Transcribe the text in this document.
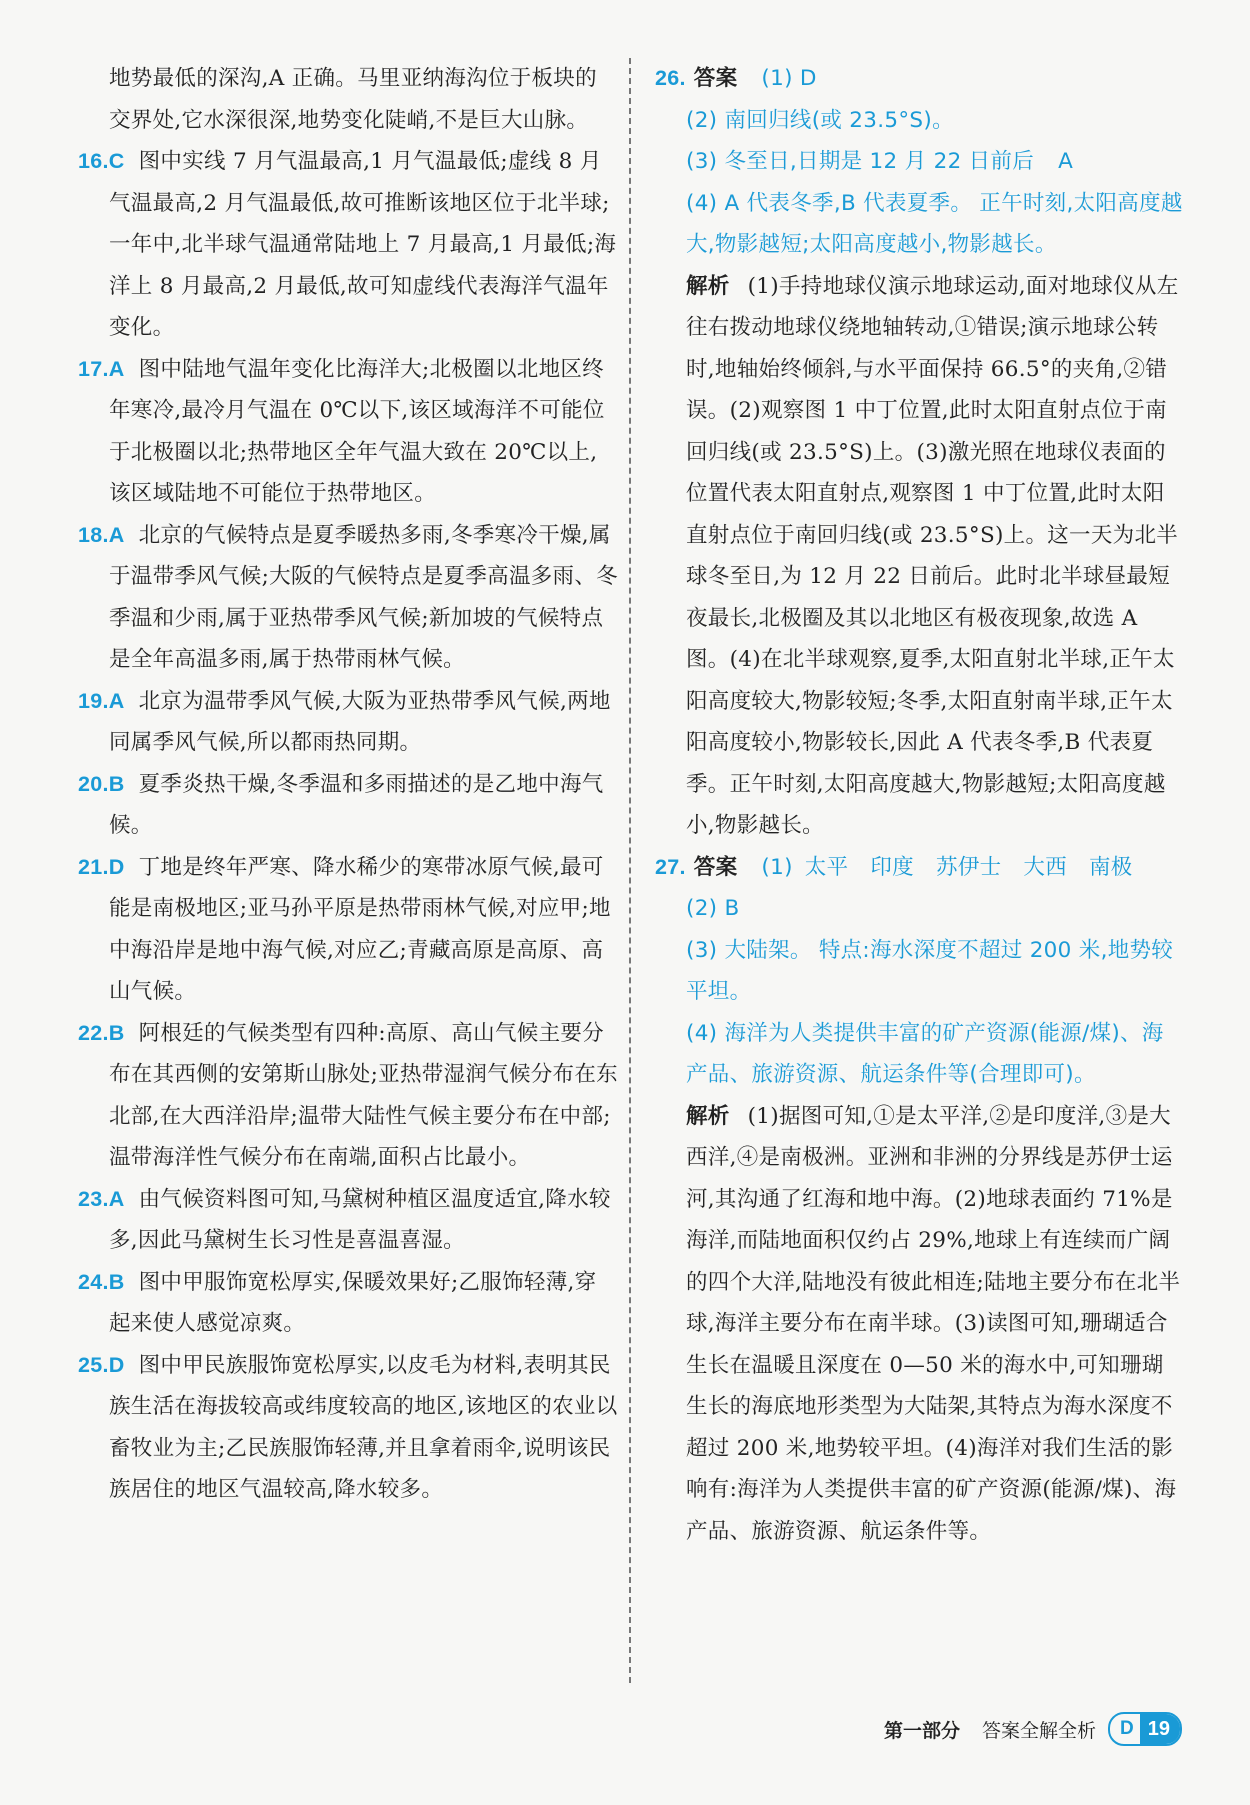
地势最低的深沟,A 正确。马里亚纳海沟位于板块的交界处,它水深很深,地势变化陡峭,不是巨大山脉。
16.C 图中实线 7 月气温最高,1 月气温最低;虚线 8 月气温最高,2 月气温最低,故可推断该地区位于北半球;一年中,北半球气温通常陆地上 7 月最高,1 月最低;海洋上 8 月最高,2 月最低,故可知虚线代表海洋气温年变化。
17.A 图中陆地气温年变化比海洋大;北极圈以北地区终年寒冷,最冷月气温在 0℃以下,该区域海洋不可能位于北极圈以北;热带地区全年气温大致在 20℃以上,该区域陆地不可能位于热带地区。
18.A 北京的气候特点是夏季暖热多雨,冬季寒冷干燥,属于温带季风气候;大阪的气候特点是夏季高温多雨、冬季温和少雨,属于亚热带季风气候;新加坡的气候特点是全年高温多雨,属于热带雨林气候。
19.A 北京为温带季风气候,大阪为亚热带季风气候,两地同属季风气候,所以都雨热同期。
20.B 夏季炎热干燥,冬季温和多雨描述的是乙地中海气候。
21.D 丁地是终年严寒、降水稀少的寒带冰原气候,最可能是南极地区;亚马孙平原是热带雨林气候,对应甲;地中海沿岸是地中海气候,对应乙;青藏高原是高原、高山气候。
22.B 阿根廷的气候类型有四种:高原、高山气候主要分布在其西侧的安第斯山脉处;亚热带湿润气候分布在东北部,在大西洋沿岸;温带大陆性气候主要分布在中部;温带海洋性气候分布在南端,面积占比最小。
23.A 由气候资料图可知,马黛树种植区温度适宜,降水较多,因此马黛树生长习性是喜温喜湿。
24.B 图中甲服饰宽松厚实,保暖效果好;乙服饰轻薄,穿起来使人感觉凉爽。
25.D 图中甲民族服饰宽松厚实,以皮毛为材料,表明其民族生活在海拔较高或纬度较高的地区,该地区的农业以畜牧业为主;乙民族服饰轻薄,并且拿着雨伞,说明该民族居住的地区气温较高,降水较多。
26. 答案 (1) D
(2) 南回归线(或 23.5°S)。
(3) 冬至日,日期是 12 月 22 日前后 A
(4) A 代表冬季,B 代表夏季。 正午时刻,太阳高度越大,物影越短;太阳高度越小,物影越长。
解析 (1)手持地球仪演示地球运动,面对地球仪从左往右拨动地球仪绕地轴转动,①错误;演示地球公转时,地轴始终倾斜,与水平面保持 66.5°的夹角,②错误。(2)观察图 1 中丁位置,此时太阳直射点位于南回归线(或 23.5°S)上。(3)激光照在地球仪表面的位置代表太阳直射点,观察图 1 中丁位置,此时太阳直射点位于南回归线(或 23.5°S)上。这一天为北半球冬至日,为 12 月 22 日前后。此时北半球昼最短夜最长,北极圈及其以北地区有极夜现象,故选 A 图。(4)在北半球观察,夏季,太阳直射北半球,正午太阳高度较大,物影较短;冬季,太阳直射南半球,正午太阳高度较小,物影较长,因此 A 代表冬季,B 代表夏季。正午时刻,太阳高度越大,物影越短;太阳高度越小,物影越长。
27. 答案 (1) 太平 印度 苏伊士 大西 南极
(2) B
(3) 大陆架。 特点:海水深度不超过 200 米,地势较平坦。
(4) 海洋为人类提供丰富的矿产资源(能源/煤)、海产品、旅游资源、航运条件等(合理即可)。
解析 (1)据图可知,①是太平洋,②是印度洋,③是大西洋,④是南极洲。亚洲和非洲的分界线是苏伊士运河,其沟通了红海和地中海。(2)地球表面约 71%是海洋,而陆地面积仅约占 29%,地球上有连续而广阔的四个大洋,陆地没有彼此相连;陆地主要分布在北半球,海洋主要分布在南半球。(3)读图可知,珊瑚适合生长在温暖且深度在 0—50 米的海水中,可知珊瑚生长的海底地形类型为大陆架,其特点为海水深度不超过 200 米,地势较平坦。(4)海洋对我们生活的影响有:海洋为人类提供丰富的矿产资源(能源/煤)、海产品、旅游资源、航运条件等。
第一部分 答案全解全析	D 19
